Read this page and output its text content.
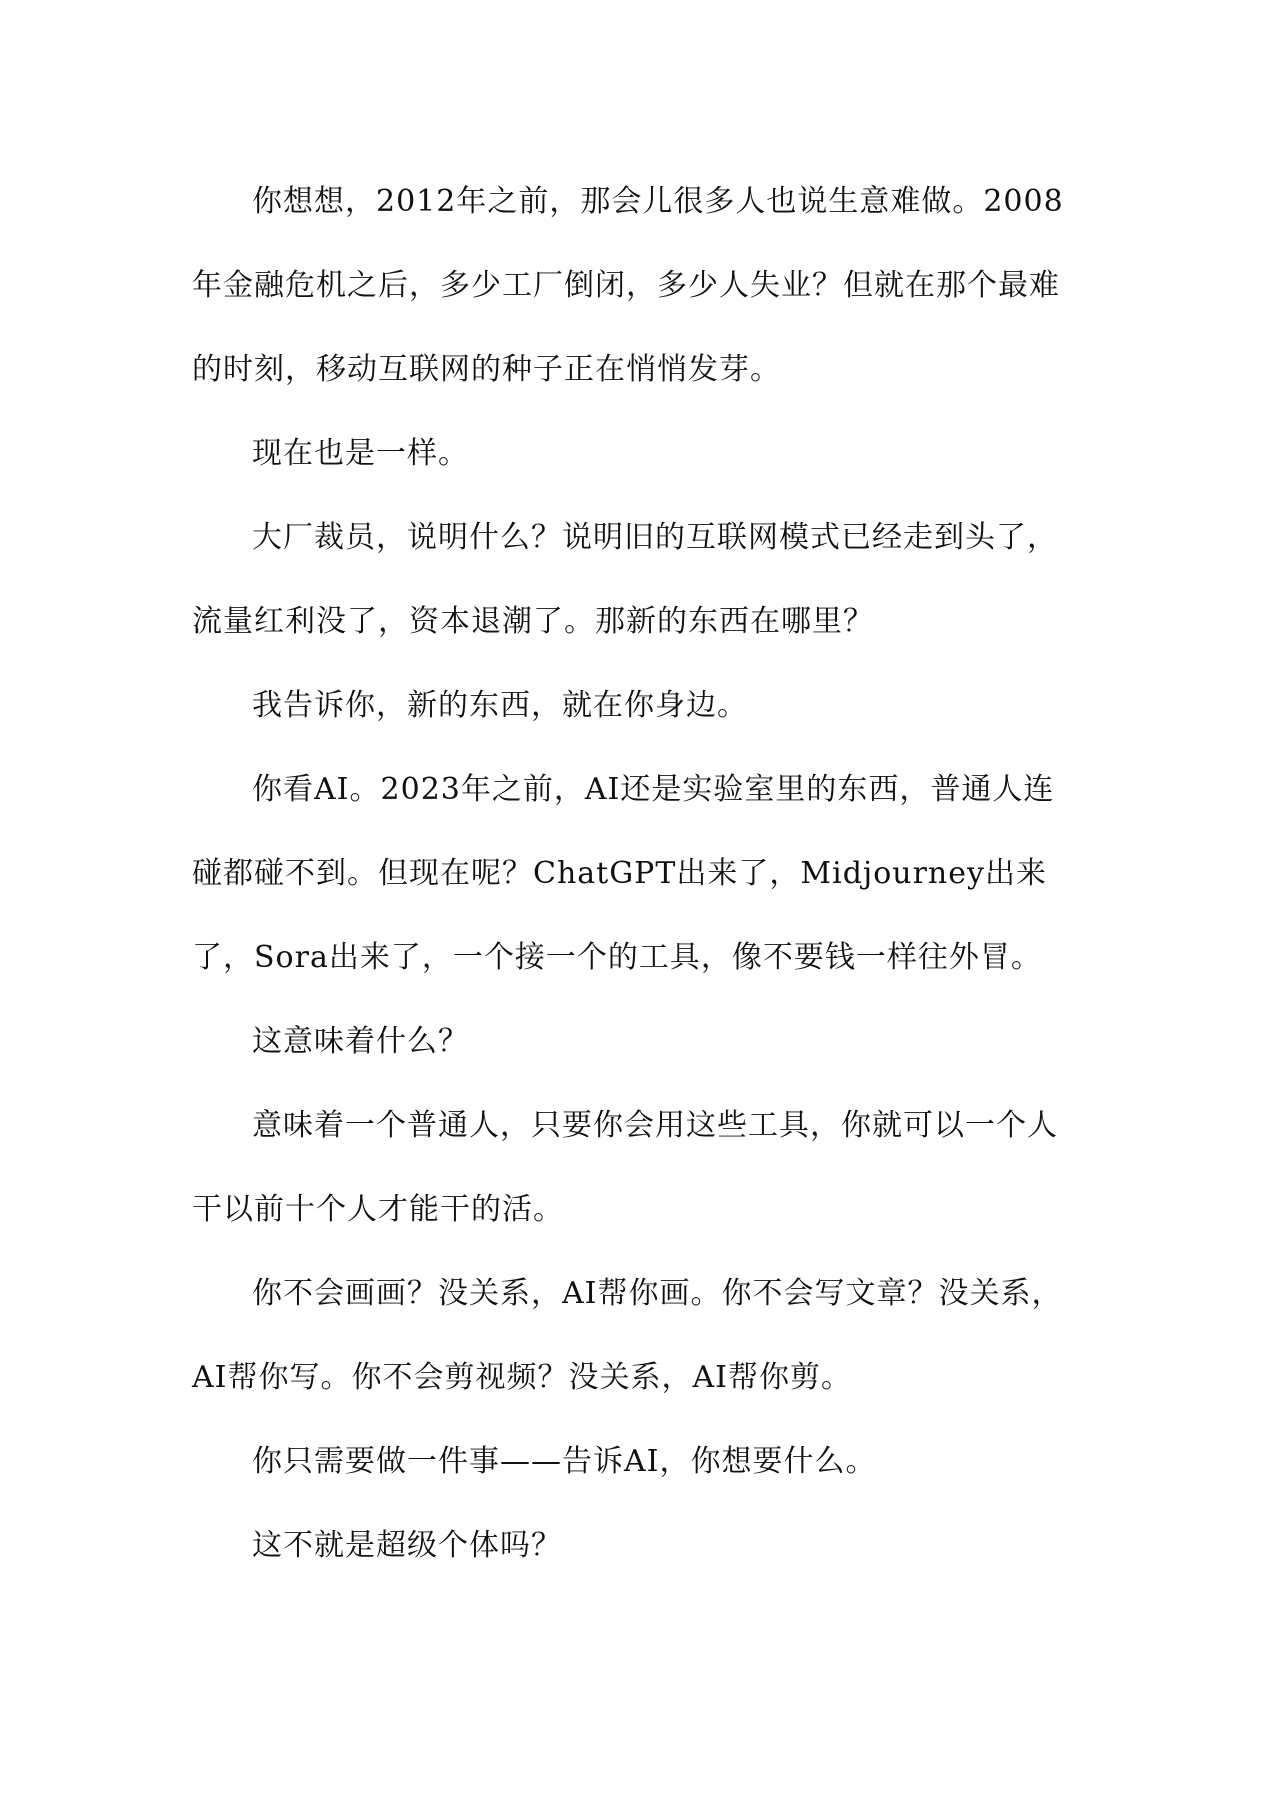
你想想，2012年之前，那会儿很多人也说生意难做。2008年金融危机之后，多少工厂倒闭，多少人失业？但就在那个最难的时刻，移动互联网的种子正在悄悄发芽。

现在也是一样。

大厂裁员，说明什么？说明旧的互联网模式已经走到头了，流量红利没了，资本退潮了。那新的东西在哪里？

我告诉你，新的东西，就在你身边。

你看AI。2023年之前，AI还是实验室里的东西，普通人连碰都碰不到。但现在呢？ChatGPT出来了，Midjourney出来了，Sora出来了，一个接一个的工具，像不要钱一样往外冒。

这意味着什么？

意味着一个普通人，只要你会用这些工具，你就可以一个人干以前十个人才能干的活。

你不会画画？没关系，AI帮你画。你不会写文章？没关系，AI帮你写。你不会剪视频？没关系，AI帮你剪。

你只需要做一件事——告诉AI，你想要什么。

这不就是超级个体吗？
